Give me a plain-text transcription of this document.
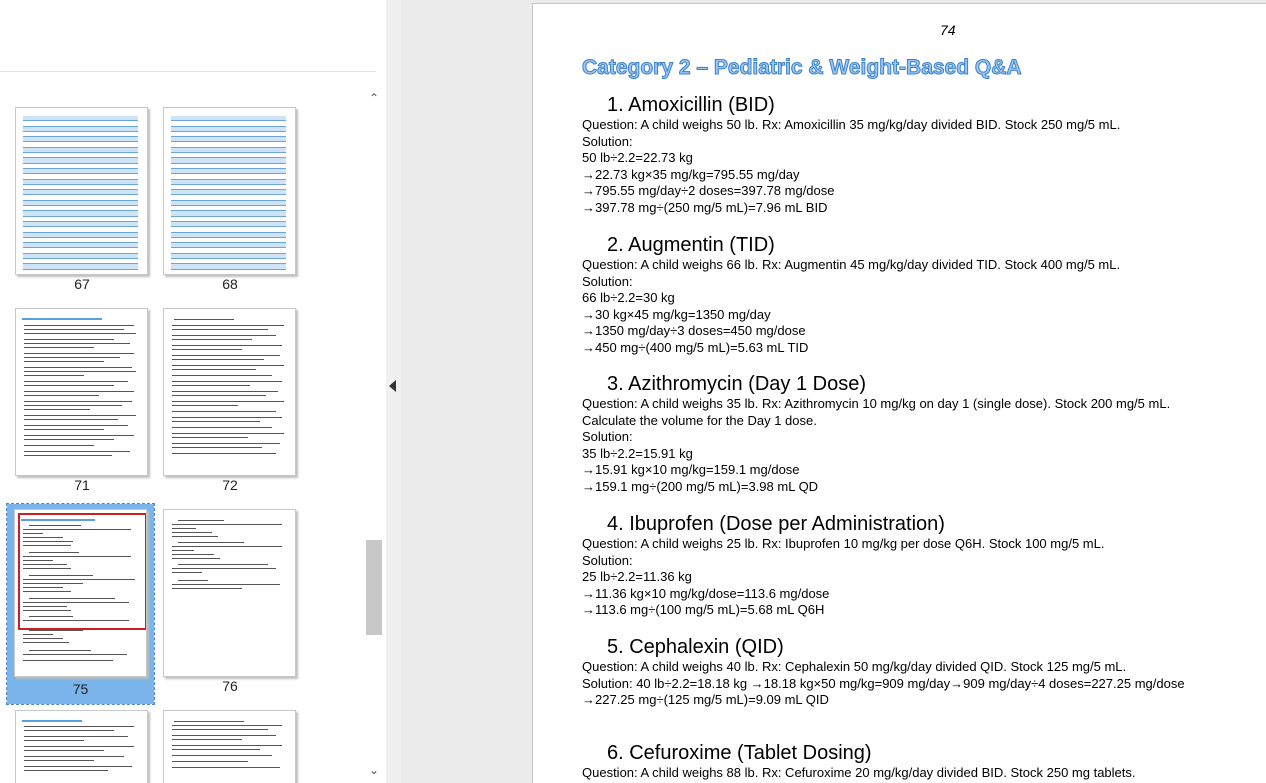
67	68
71	72
75	76
⌃
⌄
74
Category 2 – Pediatric & Weight-Based Q&A
1. Amoxicillin (BID)
Question: A child weighs 50 lb. Rx: Amoxicillin 35 mg/kg/day divided BID. Stock 250 mg/5 mL.
Solution:
50 lb÷2.2=22.73 kg
→22.73 kg×35 mg/kg=795.55 mg/day
→795.55 mg/day÷2 doses=397.78 mg/dose
→397.78 mg÷(250 mg/5 mL)=7.96 mL BID
2. Augmentin (TID)
Question: A child weighs 66 lb. Rx: Augmentin 45 mg/kg/day divided TID. Stock 400 mg/5 mL.
Solution:
66 lb÷2.2=30 kg
→30 kg×45 mg/kg=1350 mg/day
→1350 mg/day÷3 doses=450 mg/dose
→450 mg÷(400 mg/5 mL)=5.63 mL TID
3. Azithromycin (Day 1 Dose)
Question: A child weighs 35 lb. Rx: Azithromycin 10 mg/kg on day 1 (single dose). Stock 200 mg/5 mL.
Calculate the volume for the Day 1 dose.
Solution:
35 lb÷2.2=15.91 kg
→15.91 kg×10 mg/kg=159.1 mg/dose
→159.1 mg÷(200 mg/5 mL)=3.98 mL QD
4. Ibuprofen (Dose per Administration)
Question: A child weighs 25 lb. Rx: Ibuprofen 10 mg/kg per dose Q6H. Stock 100 mg/5 mL.
Solution:
25 lb÷2.2=11.36 kg
→11.36 kg×10 mg/kg/dose=113.6 mg/dose
→113.6 mg÷(100 mg/5 mL)=5.68 mL Q6H
5. Cephalexin (QID)
Question: A child weighs 40 lb. Rx: Cephalexin 50 mg/kg/day divided QID. Stock 125 mg/5 mL.
Solution: 40 lb÷2.2=18.18 kg →18.18 kg×50 mg/kg=909 mg/day→909 mg/day÷4 doses=227.25 mg/dose
→227.25 mg÷(125 mg/5 mL)=9.09 mL QID
6. Cefuroxime (Tablet Dosing)
Question: A child weighs 88 lb. Rx: Cefuroxime 20 mg/kg/day divided BID. Stock 250 mg tablets.
